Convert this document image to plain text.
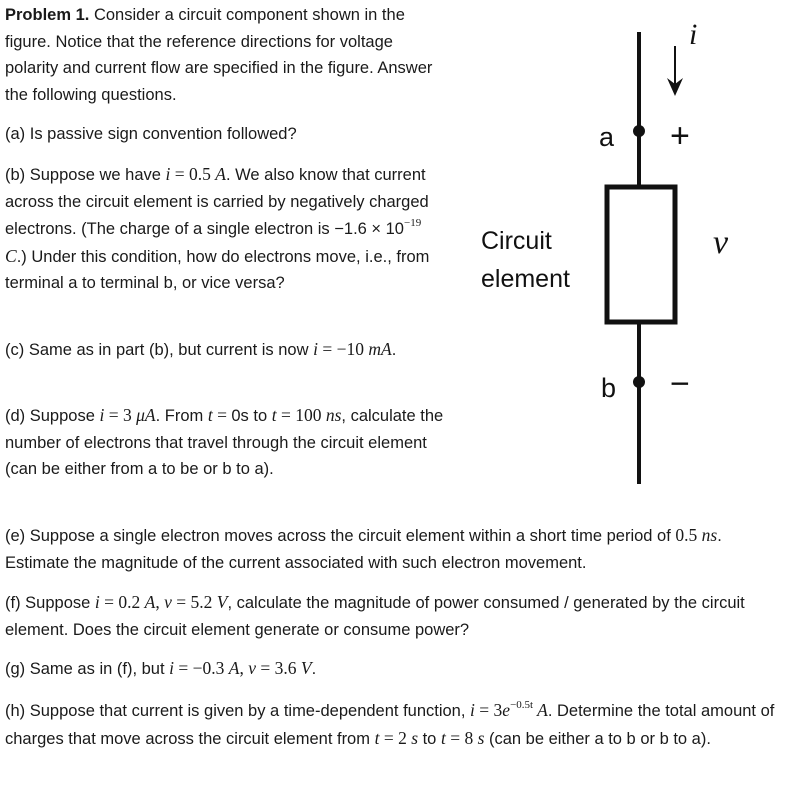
Problem 1. Consider a circuit component shown in the figure. Notice that the reference directions for voltage polarity and current flow are specified in the figure. Answer the following questions.

(a) Is passive sign convention followed?

(b) Suppose we have i = 0.5 A. We also know that current across the circuit element is carried by negatively charged electrons. (The charge of a single electron is $-1.6 \times 10^{-19}$ C.) Under this condition, how do electrons move, i.e., from terminal a to terminal b, or vice versa?

(c) Same as in part (b), but current is now i = −10 mA.

(d) Suppose i = 3 μA. From t = 0s to t = 100 ns, calculate the number of electrons that travel through the circuit element (can be either from a to be or b to a).

(e) Suppose a single electron moves across the circuit element within a short time period of 0.5 ns. Estimate the magnitude of the current associated with such electron movement.

(f) Suppose i = 0.2 A, v = 5.2 V, calculate the magnitude of power consumed / generated by the circuit element. Does the circuit element generate or consume power?

(g) Same as in (f), but i = −0.3 A, v = 3.6 V.

(h) Suppose that current is given by a time-dependent function, $i = 3e^{-0.5t}$ A. Determine the total amount of charges that move across the circuit element from t = 2 s to t = 8 s (can be either a to b or b to a).

i
a
b
+
−
v
Circuit
element
